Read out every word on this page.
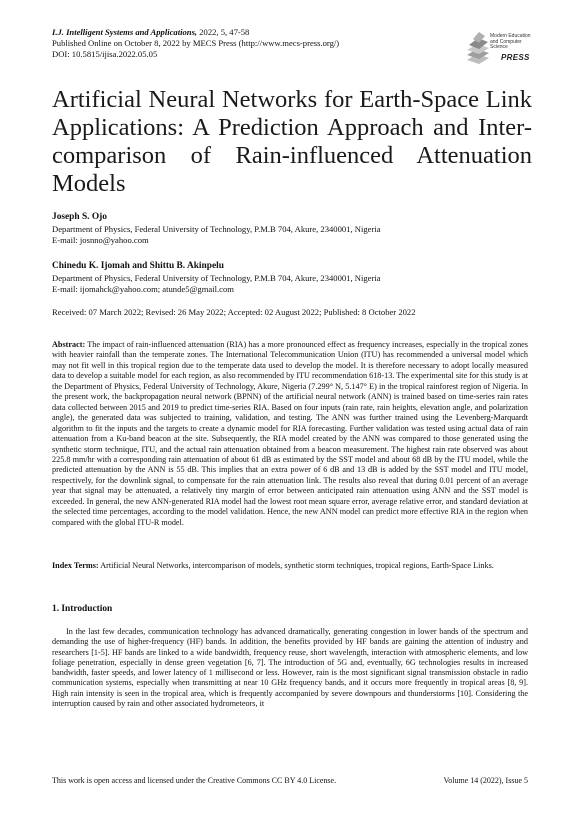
I.J. Intelligent Systems and Applications, 2022, 5, 47-58
Published Online on October 8, 2022 by MECS Press (http://www.mecs-press.org/)
DOI: 10.5815/ijisa.2022.05.05
Modern Education
and Computer Science
PRESS
Artificial Neural Networks for Earth-Space Link Applications: A Prediction Approach and Inter-comparison of Rain-influenced Attenuation Models
Joseph S. Ojo
Department of Physics, Federal University of Technology, P.M.B 704, Akure, 2340001, Nigeria
E-mail: josnno@yahoo.com
Chinedu K. Ijomah and Shittu B. Akinpelu
Department of Physics, Federal University of Technology, P.M.B 704, Akure, 2340001, Nigeria
E-mail: ijomahck@yahoo.com; atunde5@gmail.com
Received: 07 March 2022; Revised: 26 May 2022; Accepted: 02 August 2022; Published: 8 October 2022

Abstract: The impact of rain-influenced attenuation (RIA) has a more pronounced effect as frequency increases, especially in the tropical zones with heavier rainfall than the temperate zones. The International Telecommunication Union (ITU) has recommended a universal model which may not fit well in this tropical region due to the temperate data used to develop the model. It is therefore necessary to adopt locally measured data to develop a suitable model for each region, as also recommended by ITU recommendation 618-13. The experimental site for this study is at the Department of Physics, Federal University of Technology, Akure, Nigeria (7.299° N, 5.147° E) in the tropical rainforest region of Nigeria. In the present work, the backpropagation neural network (BPNN) of the artificial neural network (ANN) is trained based on time-series rain rates data collected between 2015 and 2019 to predict time-series RIA. Based on four inputs (rain rate, rain heights, elevation angle, and polarization angle), the generated data was subjected to training, validation, and testing. The ANN was further trained using the Levenberg-Marquardt algorithm to fit the inputs and the targets to create a dynamic model for RIA forecasting. Further validation was tested using actual data of rain attenuation from a Ku-band beacon at the site. Subsequently, the RIA model created by the ANN was compared to those generated using the synthetic storm technique, ITU, and the actual rain attenuation obtained from a beacon measurement. The highest rain rate observed was about 225.8 mm/hr with a corresponding rain attenuation of about 61 dB as estimated by the SST model and about 68 dB by the ITU model, while the predicted attenuation by the ANN is 55 dB. This implies that an extra power of 6 dB and 13 dB is added by the SST model and ITU model, respectively, for the downlink signal, to compensate for the rain attenuation link. The results also reveal that during 0.01 percent of an average year that signal may be attenuated, a relatively tiny margin of error between anticipated rain attenuation using ANN and the SST model is exceeded. In general, the new ANN-generated RIA model had the lowest root mean square error, average relative error, and standard deviation at the selected time percentages, according to the model validation. Hence, the new ANN model can predict more effective RIA in the region when compared with the global ITU-R model.

Index Terms: Artificial Neural Networks, intercomparison of models, synthetic storm techniques, tropical regions, Earth-Space Links.

1. Introduction

In the last few decades, communication technology has advanced dramatically, generating congestion in lower bands of the spectrum and demanding the use of higher-frequency (HF) bands. In addition, the benefits provided by HF bands are gaining the attention of industry and researchers [1-5]. HF bands are linked to a wide bandwidth, frequency reuse, short wavelength, interaction with atmospheric elements, and low foliage penetration, especially in dense green vegetation [6, 7]. The introduction of 5G and, eventually, 6G technologies results in increased bandwidth, faster speeds, and lower latency of 1 millisecond or less. However, rain is the most significant signal transmission obstacle in radio communication systems, especially when transmitting at near 10 GHz frequency bands, and it occurs more frequently in tropical areas [8, 9]. High rain intensity is seen in the tropical area, which is frequently accompanied by severe downpours and thunderstorms [10]. Considering the interruption caused by rain and other associated hydrometeors, it

This work is open access and licensed under the Creative Commons CC BY 4.0 License.	Volume 14 (2022), Issue 5
